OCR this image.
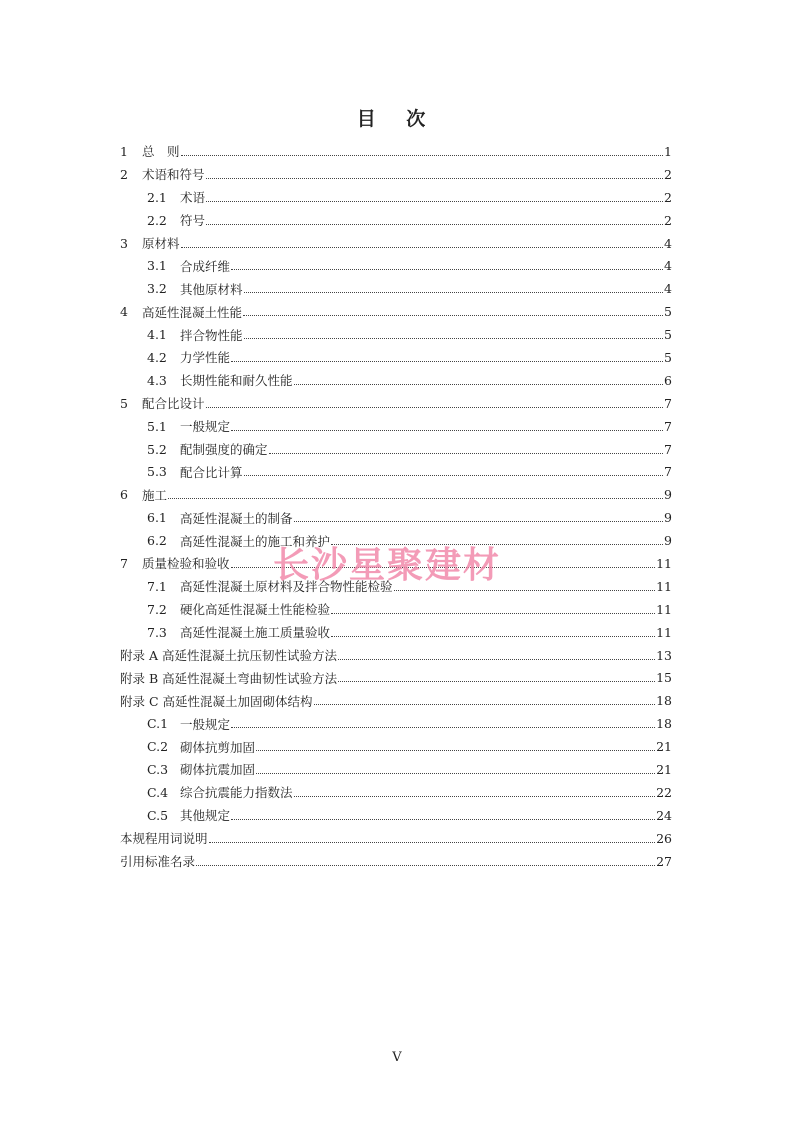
目 次
1	总　则	1
2	术语和符号	2
2.1	术语	2
2.2	符号	2
3	原材料	4
3.1	合成纤维	4
3.2	其他原材料	4
4	高延性混凝土性能	5
4.1	拌合物性能	5
4.2	力学性能	5
4.3	长期性能和耐久性能	6
5	配合比设计	7
5.1	一般规定	7
5.2	配制强度的确定	7
5.3	配合比计算	7
6	施工	9
6.1	高延性混凝土的制备	9
6.2	高延性混凝土的施工和养护	9
7	质量检验和验收	11
7.1	高延性混凝土原材料及拌合物性能检验	11
7.2	硬化高延性混凝土性能检验	11
7.3	高延性混凝土施工质量验收	11
附录 A 高延性混凝土抗压韧性试验方法	13
附录 B 高延性混凝土弯曲韧性试验方法	15
附录 C 高延性混凝土加固砌体结构	18
C.1 一般规定	18
C.2 砌体抗剪加固	21
C.3 砌体抗震加固	21
C.4 综合抗震能力指数法	22
C.5 其他规定	24
本规程用词说明	26
引用标准名录	27
长沙星聚建材
V
